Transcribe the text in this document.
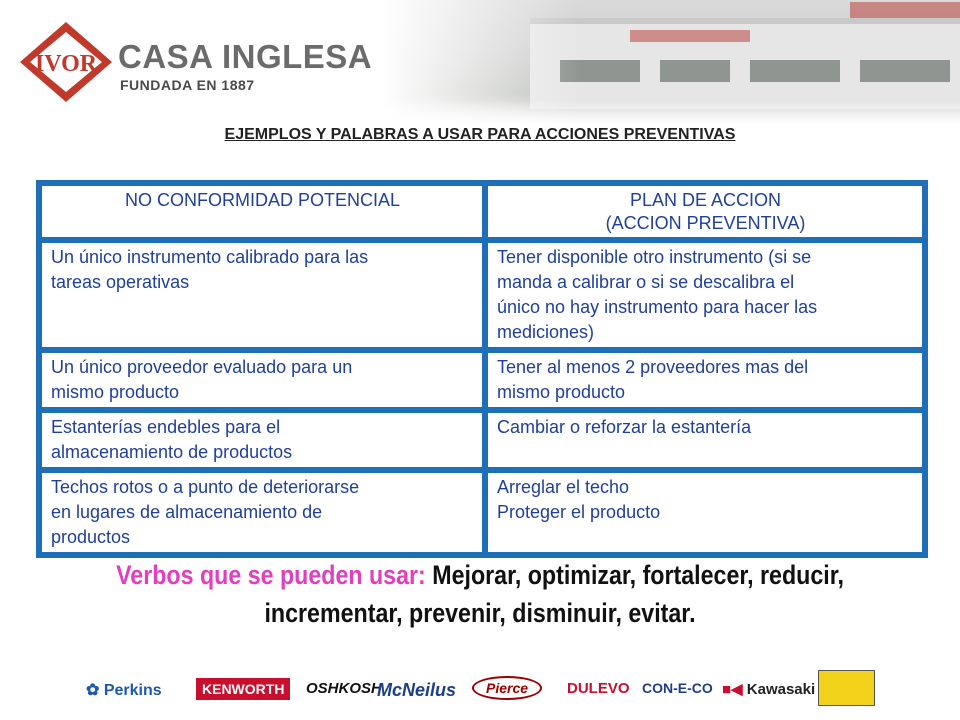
IVOR CASA INGLESA
FUNDADA EN 1887
EJEMPLOS Y PALABRAS A USAR PARA ACCIONES PREVENTIVAS
NO CONFORMIDAD POTENCIAL	PLAN DE ACCION
(ACCION PREVENTIVA)

Un único instrumento calibrado para las
tareas operativas	Tener disponible otro instrumento (si se
manda a calibrar o si se descalibra el
único no hay instrumento para hacer las
mediciones)

Un único proveedor evaluado para un
mismo producto	Tener al menos 2 proveedores mas del
mismo producto

Estanterías endebles para el
almacenamiento de productos	Cambiar o reforzar la estantería

Techos rotos o a punto de deteriorarse
en lugares de almacenamiento de
productos	Arreglar el techo
Proteger el producto
Verbos que se pueden usar: Mejorar, optimizar, fortalecer, reducir,
incrementar, prevenir, disminuir, evitar.
✿ Perkins	KENWORTH	OSHKOSH
McNeilus	Pierce	DULEVO CON-E-CO ■◀ Kawasaki
